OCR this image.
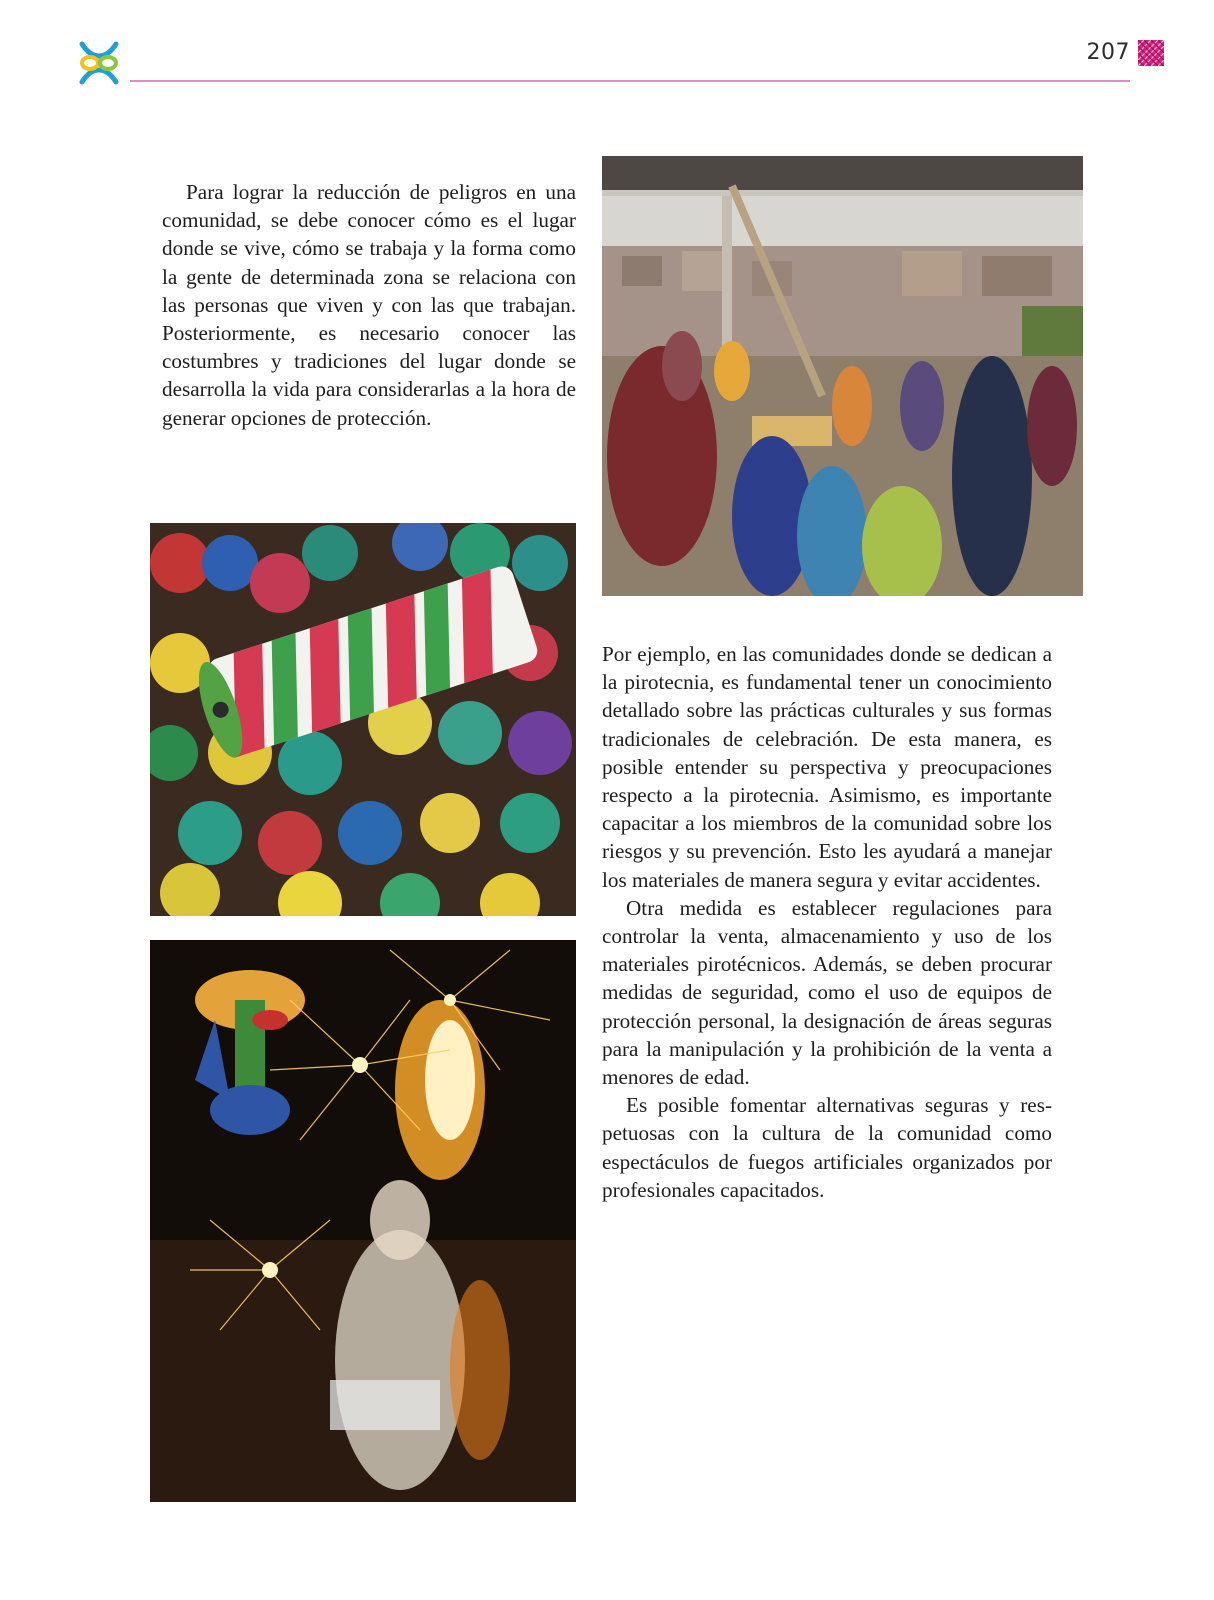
207

Para lograr la reducción de peligros en una comunidad, se debe conocer cómo es el lugar donde se vive, cómo se trabaja y la forma como la gente de determinada zona se relaciona con las personas que viven y con las que trabajan. Posteriormente, es necesario conocer las costumbres y tradiciones del lugar donde se desarrolla la vida para considerarlas a la hora de generar opciones de protección.

Por ejemplo, en las comunidades donde se dedican a la pirotecnia, es fundamental tener un conocimiento detallado sobre las prácticas culturales y sus formas tradicionales de celebración. De esta manera, es posible entender su perspectiva y preocupaciones respecto a la pirotecnia. Asimismo, es importante capacitar a los miembros de la comunidad sobre los riesgos y su prevención. Esto les ayudará a manejar los materiales de manera segura y evitar accidentes.

Otra medida es establecer regulaciones para controlar la venta, almacenamiento y uso de los materiales pirotécnicos. Además, se deben procurar medidas de seguridad, como el uso de equipos de protección personal, la designación de áreas seguras para la manipulación y la prohibición de la venta a menores de edad.

Es posible fomentar alternativas seguras y respetuosas con la cultura de la comunidad como espectáculos de fuegos artificiales organizados por profesionales capacitados.
